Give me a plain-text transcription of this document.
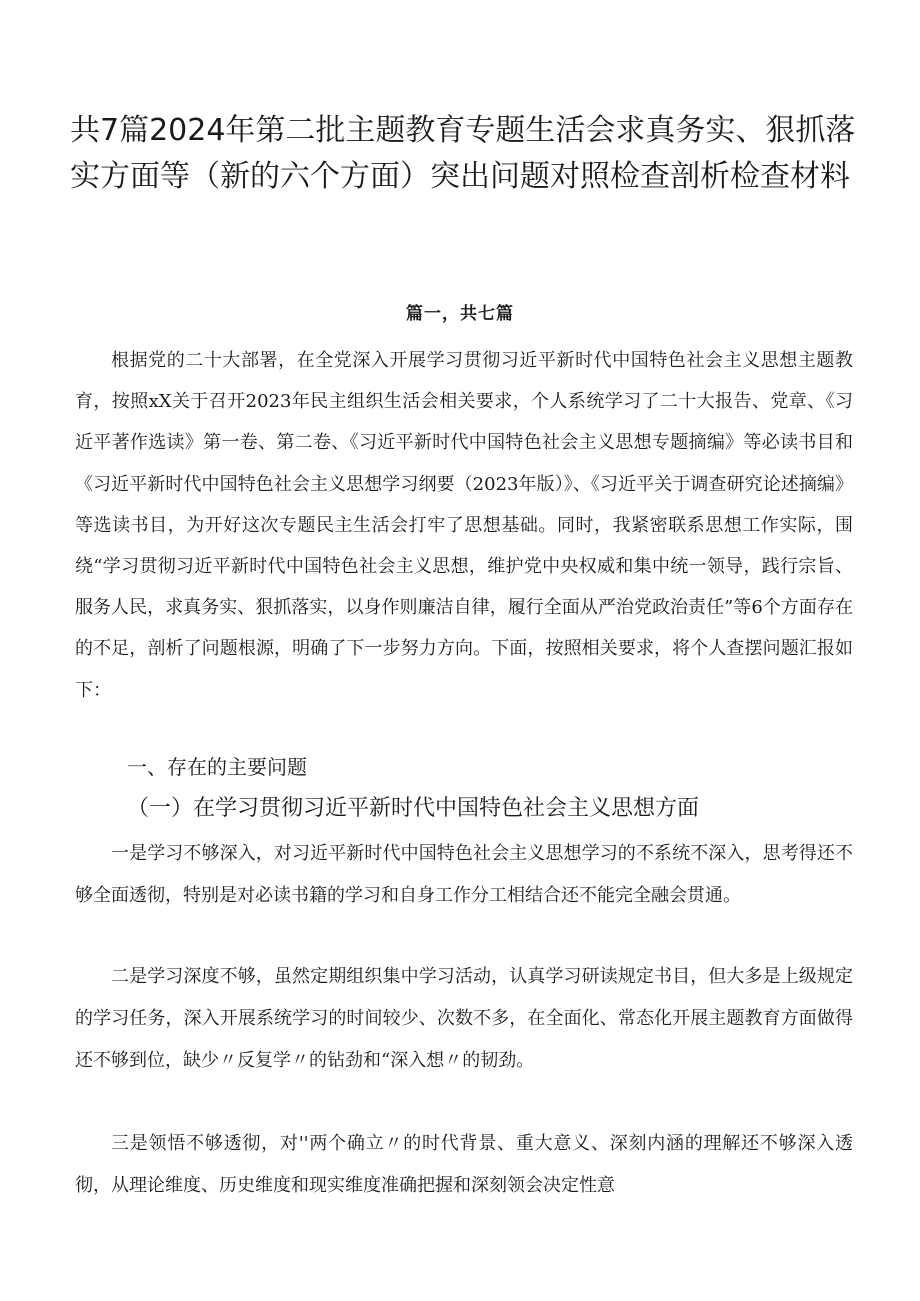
共7篇2024年第二批主题教育专题生活会求真务实、狠抓落实方面等（新的六个方面）突出问题对照检查剖析检查材料
篇一，共七篇

根据党的二十大部署，在全党深入开展学习贯彻习近平新时代中国特色社会主义思想主题教育，按照xX关于召开2023年民主组织生活会相关要求，个人系统学习了二十大报告、党章、《习近平著作选读》第一卷、第二卷、《习近平新时代中国特色社会主义思想专题摘编》等必读书目和《习近平新时代中国特色社会主义思想学习纲要（2023年版）》、《习近平关于调查研究论述摘编》等选读书目，为开好这次专题民主生活会打牢了思想基础。同时，我紧密联系思想工作实际，围绕“学习贯彻习近平新时代中国特色社会主义思想，维护党中央权威和集中统一领导，践行宗旨、服务人民，求真务实、狠抓落实，以身作则廉洁自律，履行全面从严治党政治责任”等6个方面存在的不足，剖析了问题根源，明确了下一步努力方向。下面，按照相关要求，将个人查摆问题汇报如下：

一、存在的主要问题
（一）在学习贯彻习近平新时代中国特色社会主义思想方面

一是学习不够深入，对习近平新时代中国特色社会主义思想学习的不系统不深入，思考得还不够全面透彻，特别是对必读书籍的学习和自身工作分工相结合还不能完全融会贯通。

二是学习深度不够，虽然定期组织集中学习活动，认真学习研读规定书目，但大多是上级规定的学习任务，深入开展系统学习的时间较少、次数不多，在全面化、常态化开展主题教育方面做得还不够到位，缺少〃反复学〃的钻劲和“深入想〃的韧劲。

三是领悟不够透彻，对''两个确立〃的时代背景、重大意义、深刻内涵的理解还不够深入透彻，从理论维度、历史维度和现实维度准确把握和深刻领会决定性意
